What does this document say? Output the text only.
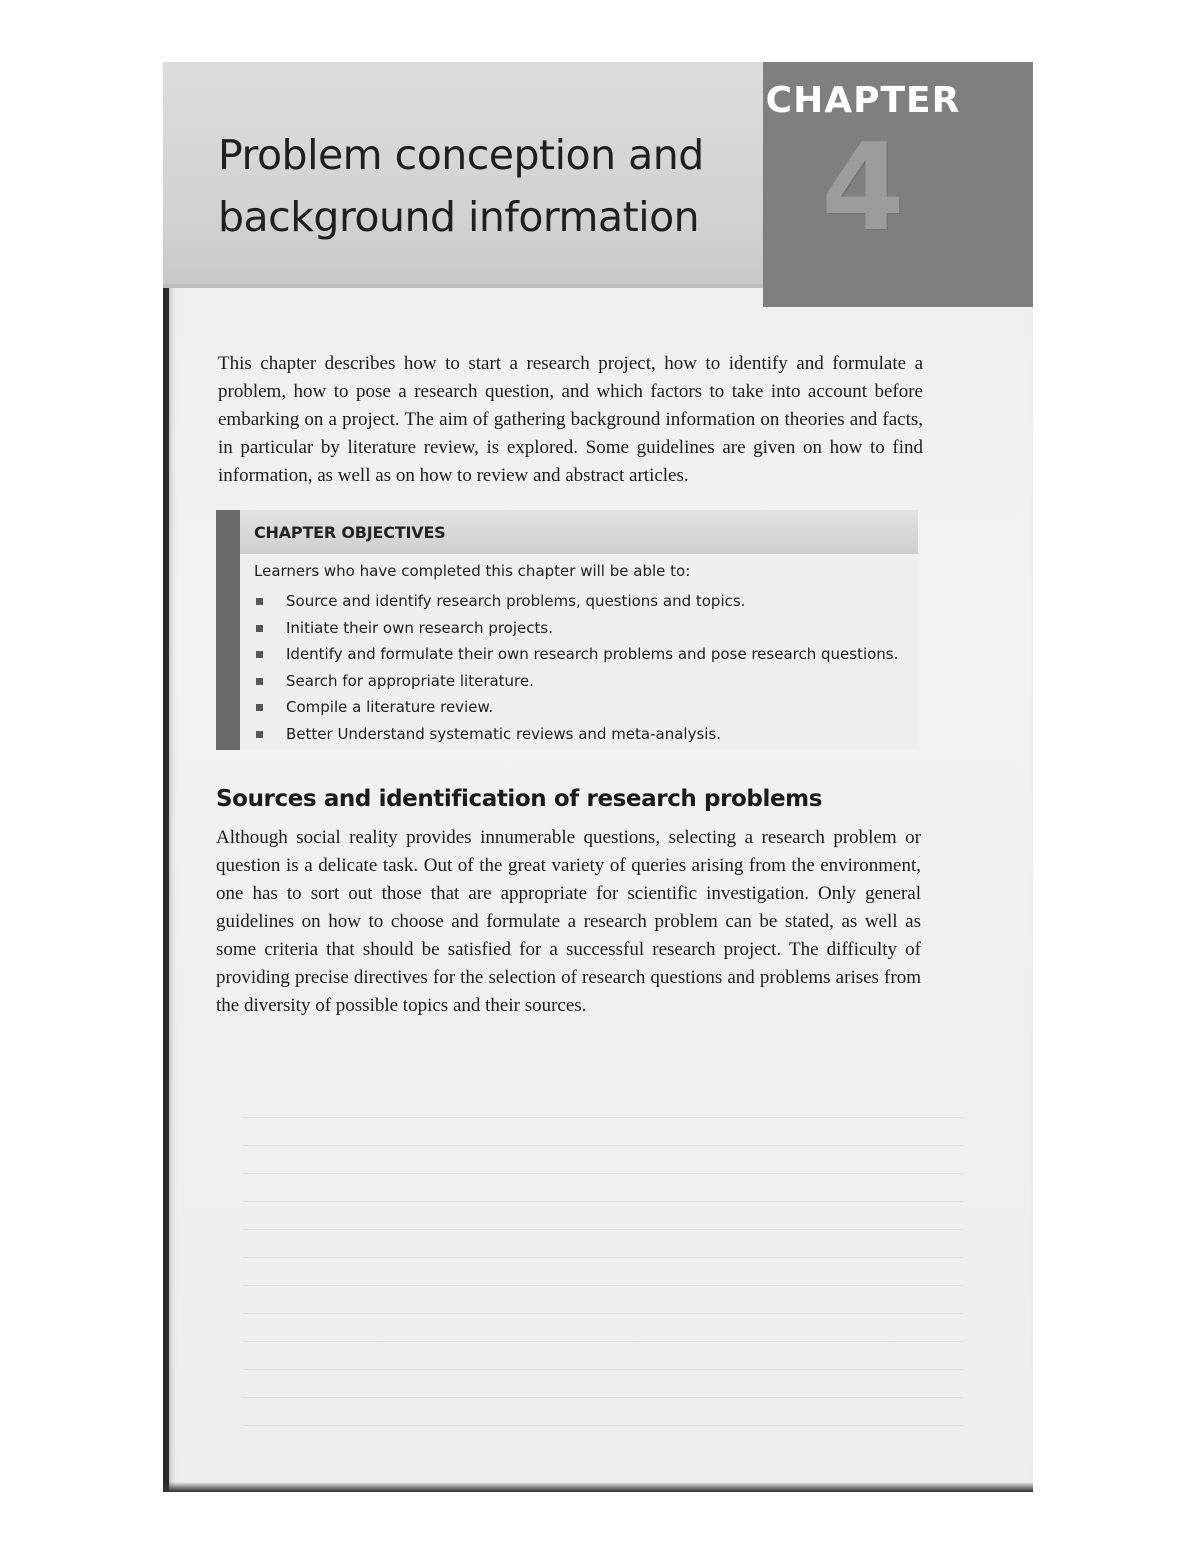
Problem conception and
background information
CHAPTER
4

This chapter describes how to start a research project, how to identify and formulate a problem, how to pose a research question, and which factors to take into account before embarking on a project. The aim of gathering background information on theories and facts, in particular by literature review, is explored. Some guidelines are given on how to find information, as well as on how to review and abstract articles.

CHAPTER OBJECTIVES
Learners who have completed this chapter will be able to:
Source and identify research problems, questions and topics.
Initiate their own research projects.
Identify and formulate their own research problems and pose research questions.
Search for appropriate literature.
Compile a literature review.
Better Understand systematic reviews and meta-analysis.
Sources and identification of research problems

Although social reality provides innumerable questions, selecting a research problem or question is a delicate task. Out of the great variety of queries arising from the environment, one has to sort out those that are appropriate for scientific investigation. Only general guidelines on how to choose and formulate a research problem can be stated, as well as some criteria that should be satisfied for a successful research project. The difficulty of providing precise directives for the selection of research questions and problems arises from the diversity of possible topics and their sources.
